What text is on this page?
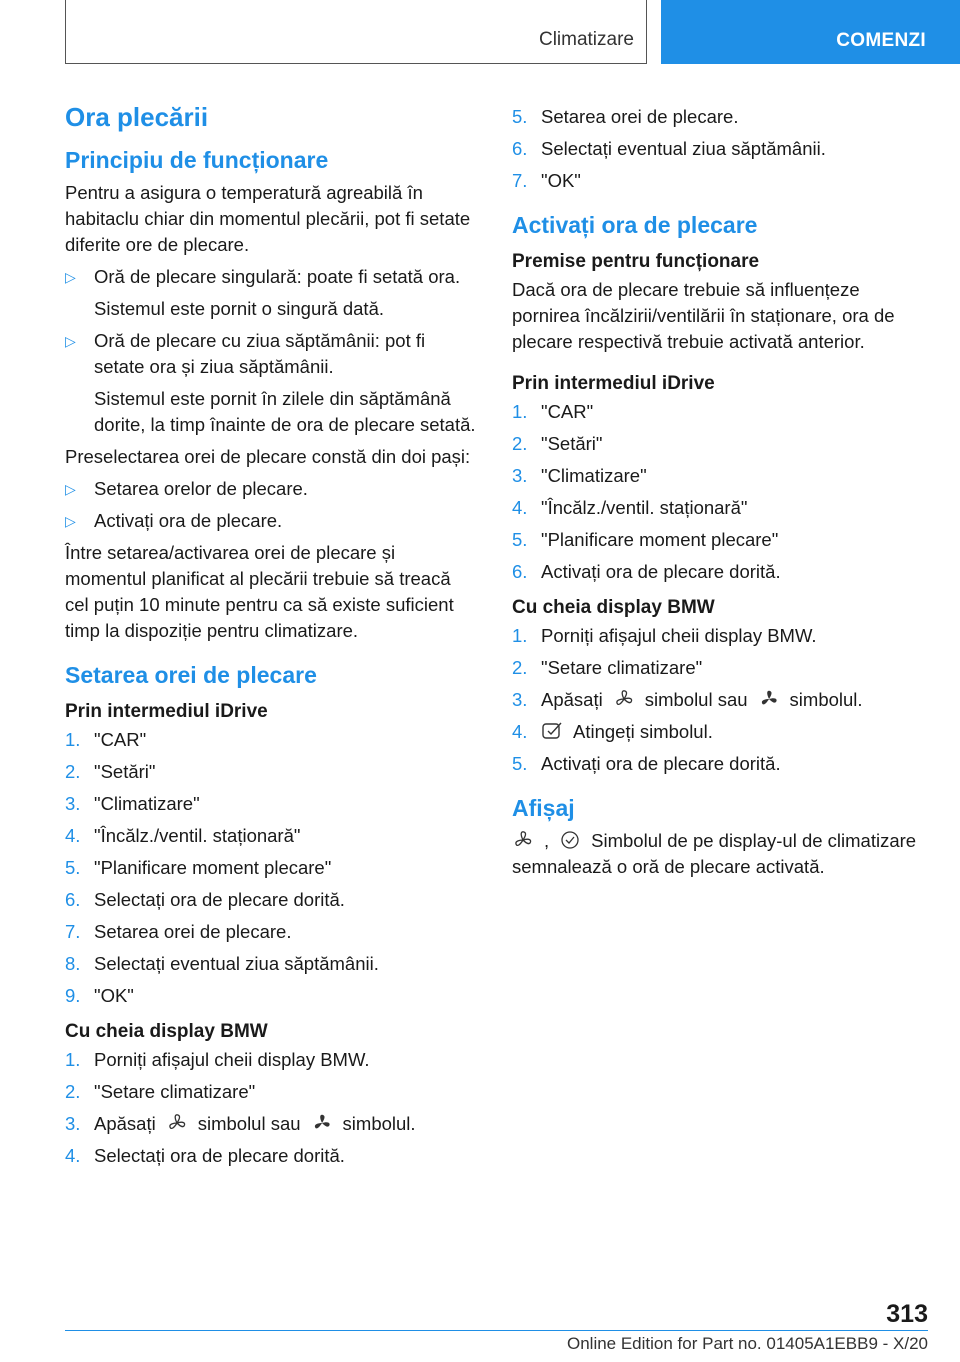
Climatizare	COMENZI
Ora plecării
Principiu de funcționare

Pentru a asigura o temperatură agreabilă în habitaclu chiar din momentul plecării, pot fi setate diferite ore de plecare.

▷ Oră de plecare singulară: poate fi setată ora.
Sistemul este pornit o singură dată.
▷ Oră de plecare cu ziua săptămânii: pot fi setate ora și ziua săptămânii.
Sistemul este pornit în zilele din săptămână dorite, la timp înainte de ora de plecare setată.

Preselectarea orei de plecare constă din doi pași:

▷ Setarea orelor de plecare.
▷ Activați ora de plecare.

Între setarea/activarea orei de plecare și momentul planificat al plecării trebuie să treacă cel puțin 10 minute pentru ca să existe suficient timp la dispoziție pentru climatizare.

Setarea orei de plecare
Prin intermediul iDrive
1. "CAR"
2. "Setări"
3. "Climatizare"
4. "Încălz./ventil. staționară"
5. "Planificare moment plecare"
6. Selectați ora de plecare dorită.
7. Setarea orei de plecare.
8. Selectați eventual ziua săptămânii.
9. "OK"
Cu cheia display BMW
1. Porniți afișajul cheii display BMW.
2. "Setare climatizare"
3. Apăsați simbolul sau simbolul.
4. Selectați ora de plecare dorită.
5. Setarea orei de plecare.
6. Selectați eventual ziua săptămânii.
7. "OK"
Activați ora de plecare
Premise pentru funcționare

Dacă ora de plecare trebuie să influențeze pornirea încălzirii/ventilării în staționare, ora de plecare respectivă trebuie activată anterior.

Prin intermediul iDrive
1. "CAR"
2. "Setări"
3. "Climatizare"
4. "Încălz./ventil. staționară"
5. "Planificare moment plecare"
6. Activați ora de plecare dorită.
Cu cheia display BMW
1. Porniți afișajul cheii display BMW.
2. "Setare climatizare"
3. Apăsați simbolul sau simbolul.
4. Atingeți simbolul.
5. Activați ora de plecare dorită.
Afișaj

, Simbolul de pe display-ul de climatizare semnalează o oră de plecare activată.

313
Online Edition for Part no. 01405A1EBB9 - X/20
